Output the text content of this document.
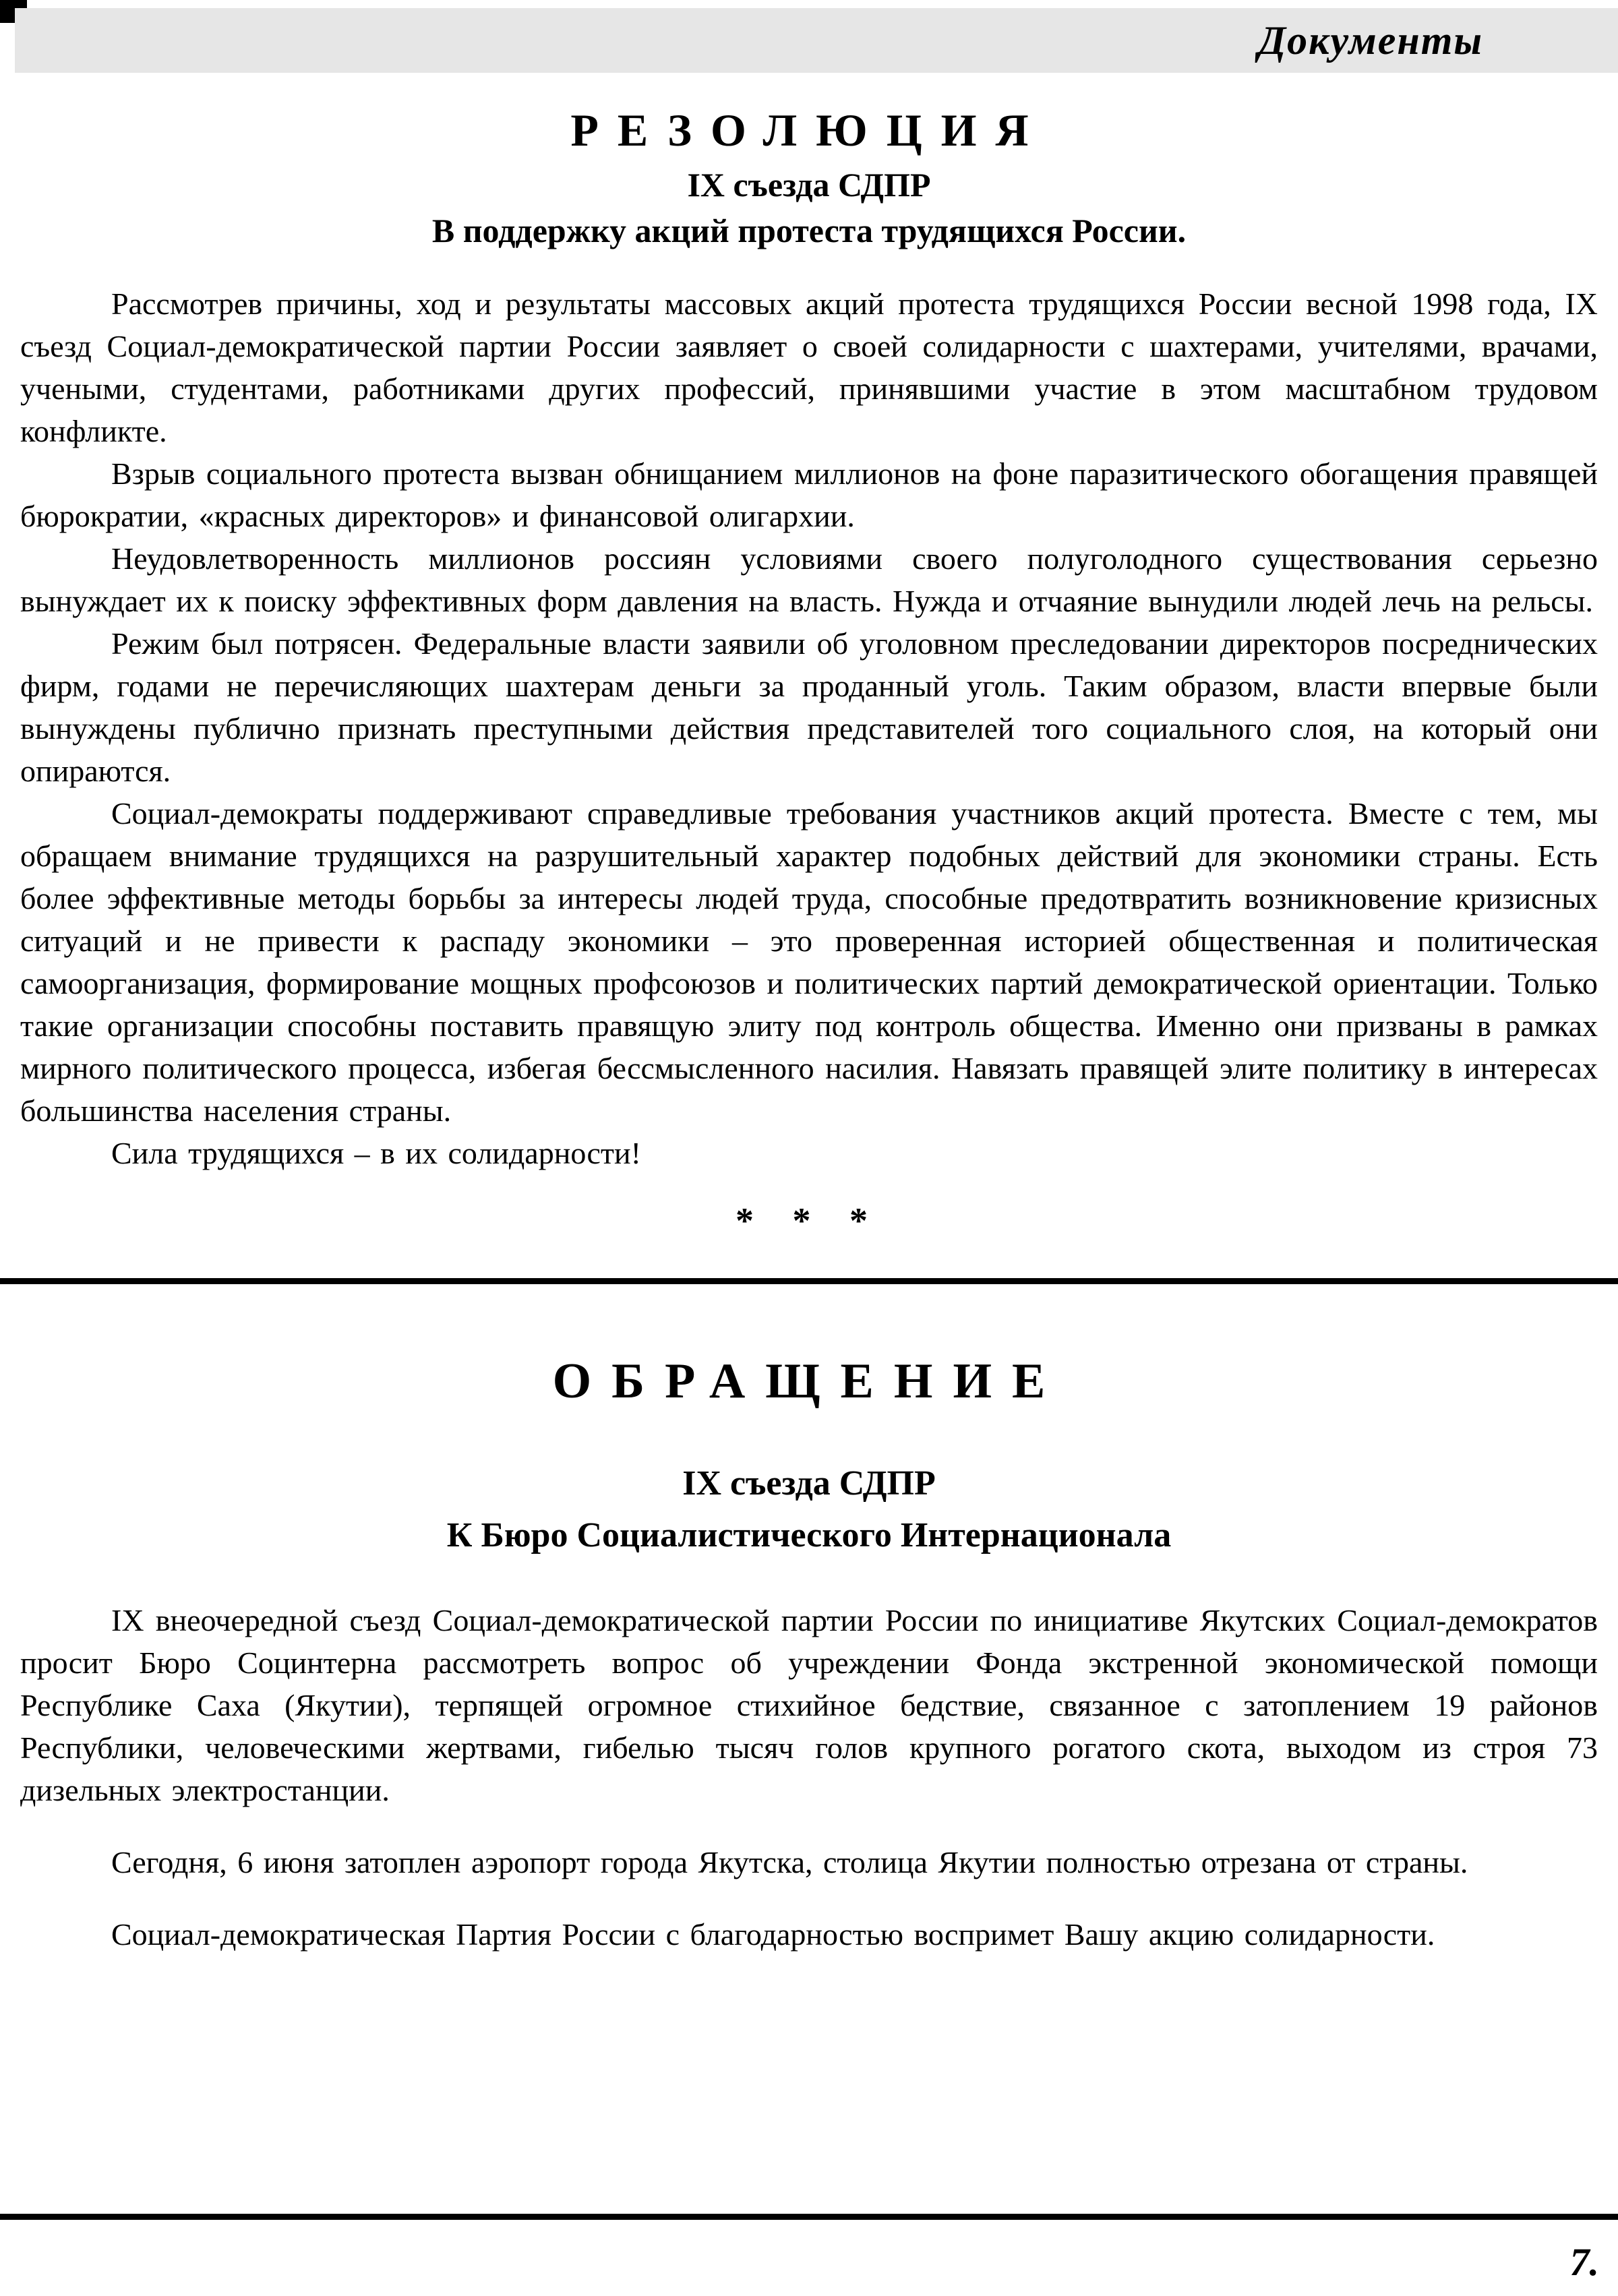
Документы
РЕЗОЛЮЦИЯ
IX съезда СДПР
В поддержку акций протеста трудящихся России.

Рассмотрев причины, ход и результаты массовых акций протеста трудящихся России весной 1998 года, IX съезд Социал-демократической партии России заявляет о своей солидарности с шахтерами, учителями, врачами, учеными, студентами, работниками других профессий, принявшими участие в этом масштабном трудовом конфликте.

Взрыв социального протеста вызван обнищанием миллионов на фоне паразитического обогащения правящей бюрократии, «красных директоров» и финансовой олигархии.

Неудовлетворенность миллионов россиян условиями своего полуголодного существования серьезно вынуждает их к поиску эффективных форм давления на власть. Нужда и отчаяние вынудили людей лечь на рельсы.

Режим был потрясен. Федеральные власти заявили об уголовном преследовании директоров посреднических фирм, годами не перечисляющих шахтерам деньги за проданный уголь. Таким образом, власти впервые были вынуждены публично признать преступными действия представителей того социального слоя, на который они опираются.

Социал-демократы поддерживают справедливые требования участников акций протеста. Вместе с тем, мы обращаем внимание трудящихся на разрушительный характер подобных действий для экономики страны. Есть более эффективные методы борьбы за интересы людей труда, способные предотвратить возникновение кризисных ситуаций и не привести к распаду экономики – это проверенная историей общественная и политическая самоорганизация, формирование мощных профсоюзов и политических партий демократической ориентации. Только такие организации способны поставить правящую элиту под контроль общества. Именно они призваны в рамках мирного политического процесса, избегая бессмысленного насилия. Навязать правящей элите политику в интересах большинства населения страны.

Сила трудящихся – в их солидарности!

* * *
ОБРАЩЕНИЕ
IX съезда СДПР
К Бюро Социалистического Интернационала

IX внеочередной съезд Социал-демократической партии России по инициативе Якутских Социал-демократов просит Бюро Социнтерна рассмотреть вопрос об учреждении Фонда экстренной экономической помощи Республике Саха (Якутии), терпящей огромное стихийное бедствие, связанное с затоплением 19 районов Республики, человеческими жертвами, гибелью тысяч голов крупного рогатого скота, выходом из строя 73 дизельных электростанции.

Сегодня, 6 июня затоплен аэропорт города Якутска, столица Якутии полностью отрезана от страны.

Социал-демократическая Партия России с благодарностью воспримет Вашу акцию солидарности.

7.
